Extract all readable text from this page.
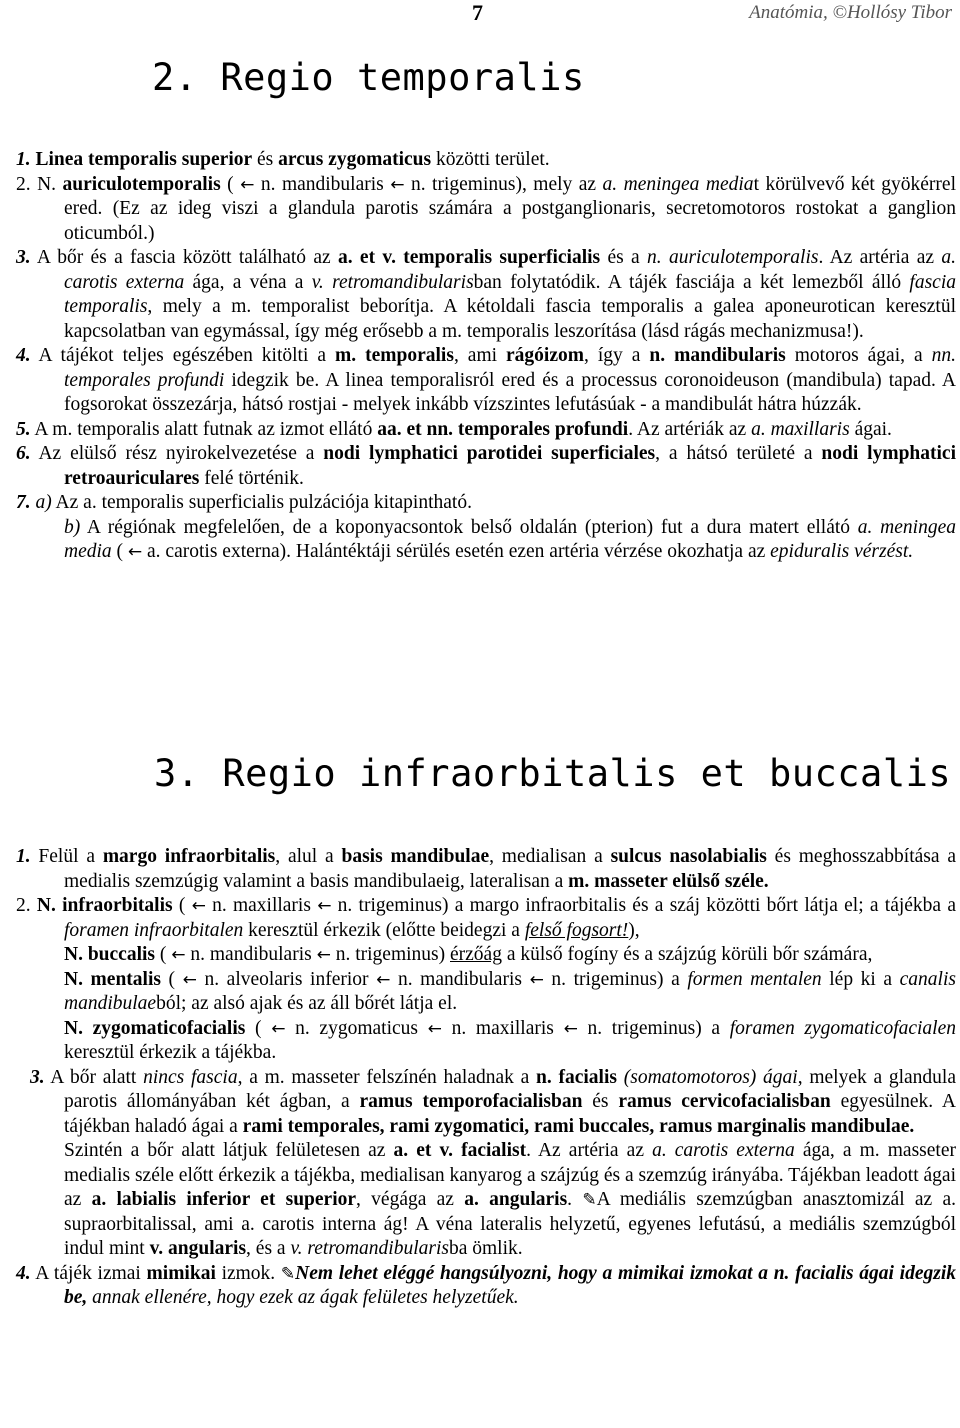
7	Anatómia, ©Hollósy Tibor
2. Regio temporalis

1. Linea temporalis superior és arcus zygomaticus közötti terület.

2. N. auriculotemporalis ( ← n. mandibularis ← n. trigeminus), mely az a. meningea mediat körülvevő két gyökérrel ered. (Ez az ideg viszi a glandula parotis számára a postganglionaris, secretomotoros rostokat a ganglion oticumból.)

3. A bőr és a fascia között található az a. et v. temporalis superficialis és a n. auriculotemporalis. Az artéria az a. carotis externa ága, a véna a v. retromandibularisban folytatódik. A tájék fasciája a két lemezből álló fascia temporalis, mely a m. temporalist beborítja. A kétoldali fascia temporalis a galea aponeurotican keresztül kapcsolatban van egymással, így még erősebb a m. temporalis leszorítása (lásd rágás mechanizmusa!).

4. A tájékot teljes egészében kitölti a m. temporalis, ami rágóizom, így a n. mandibularis motoros ágai, a nn. temporales profundi idegzik be. A linea temporalisról ered és a processus coronoideuson (mandibula) tapad. A fogsorokat összezárja, hátsó rostjai - melyek inkább vízszintes lefutásúak - a mandibulát hátra húzzák.

5. A m. temporalis alatt futnak az izmot ellátó aa. et nn. temporales profundi. Az artériák az a. maxillaris ágai.

6. Az elülső rész nyirokelvezetése a nodi lymphatici parotidei superficiales, a hátsó területé a nodi lymphatici retroauriculares felé történik.

7. a) Az a. temporalis superficialis pulzációja kitapintható.

b) A régiónak megfelelően, de a koponyacsontok belső oldalán (pterion) fut a dura matert ellátó a. meningea media ( ← a. carotis externa). Halántéktáji sérülés esetén ezen artéria vérzése okozhatja az epiduralis vérzést.

3. Regio infraorbitalis et buccalis

1. Felül a margo infraorbitalis, alul a basis mandibulae, medialisan a sulcus nasolabialis és meghosszabbítása a medialis szemzúgig valamint a basis mandibulaeig, lateralisan a m. masseter elülső széle.

2. N. infraorbitalis ( ← n. maxillaris ← n. trigeminus) a margo infraorbitalis és a száj közötti bőrt látja el; a tájékba a foramen infraorbitalen keresztül érkezik (előtte beidegzi a felső fogsort!),

N. buccalis ( ← n. mandibularis ← n. trigeminus) érzőág a külső fogíny és a szájzúg körüli bőr számára,

N. mentalis ( ← n. alveolaris inferior ← n. mandibularis ← n. trigeminus) a formen mentalen lép ki a canalis mandibulaeból; az alsó ajak és az áll bőrét látja el.

N. zygomaticofacialis ( ← n. zygomaticus ← n. maxillaris ← n. trigeminus) a foramen zygomaticofacialen keresztül érkezik a tájékba.

3. A bőr alatt nincs fascia, a m. masseter felszínén haladnak a n. facialis (somatomotoros) ágai, melyek a glandula parotis állományában két ágban, a ramus temporofacialisban és ramus cervicofacialisban egyesülnek. A tájékban haladó ágai a rami temporales, rami zygomatici, rami buccales, ramus marginalis mandibulae.

Szintén a bőr alatt látjuk felületesen az a. et v. facialist. Az artéria az a. carotis externa ága, a m. masseter medialis széle előtt érkezik a tájékba, medialisan kanyarog a szájzúg és a szemzúg irányába. Tájékban leadott ágai az a. labialis inferior et superior, végága az a. angularis. ✎A mediális szemzúgban anasztomizál az a. supraorbitalissal, ami a. carotis interna ág! A véna lateralis helyzetű, egyenes lefutású, a mediális szemzúgból indul mint v. angularis, és a v. retromandibularisba ömlik.

4. A tájék izmai mimikai izmok. ✎Nem lehet eléggé hangsúlyozni, hogy a mimikai izmokat a n. facialis ágai idegzik be, annak ellenére, hogy ezek az ágak felületes helyzetűek.
